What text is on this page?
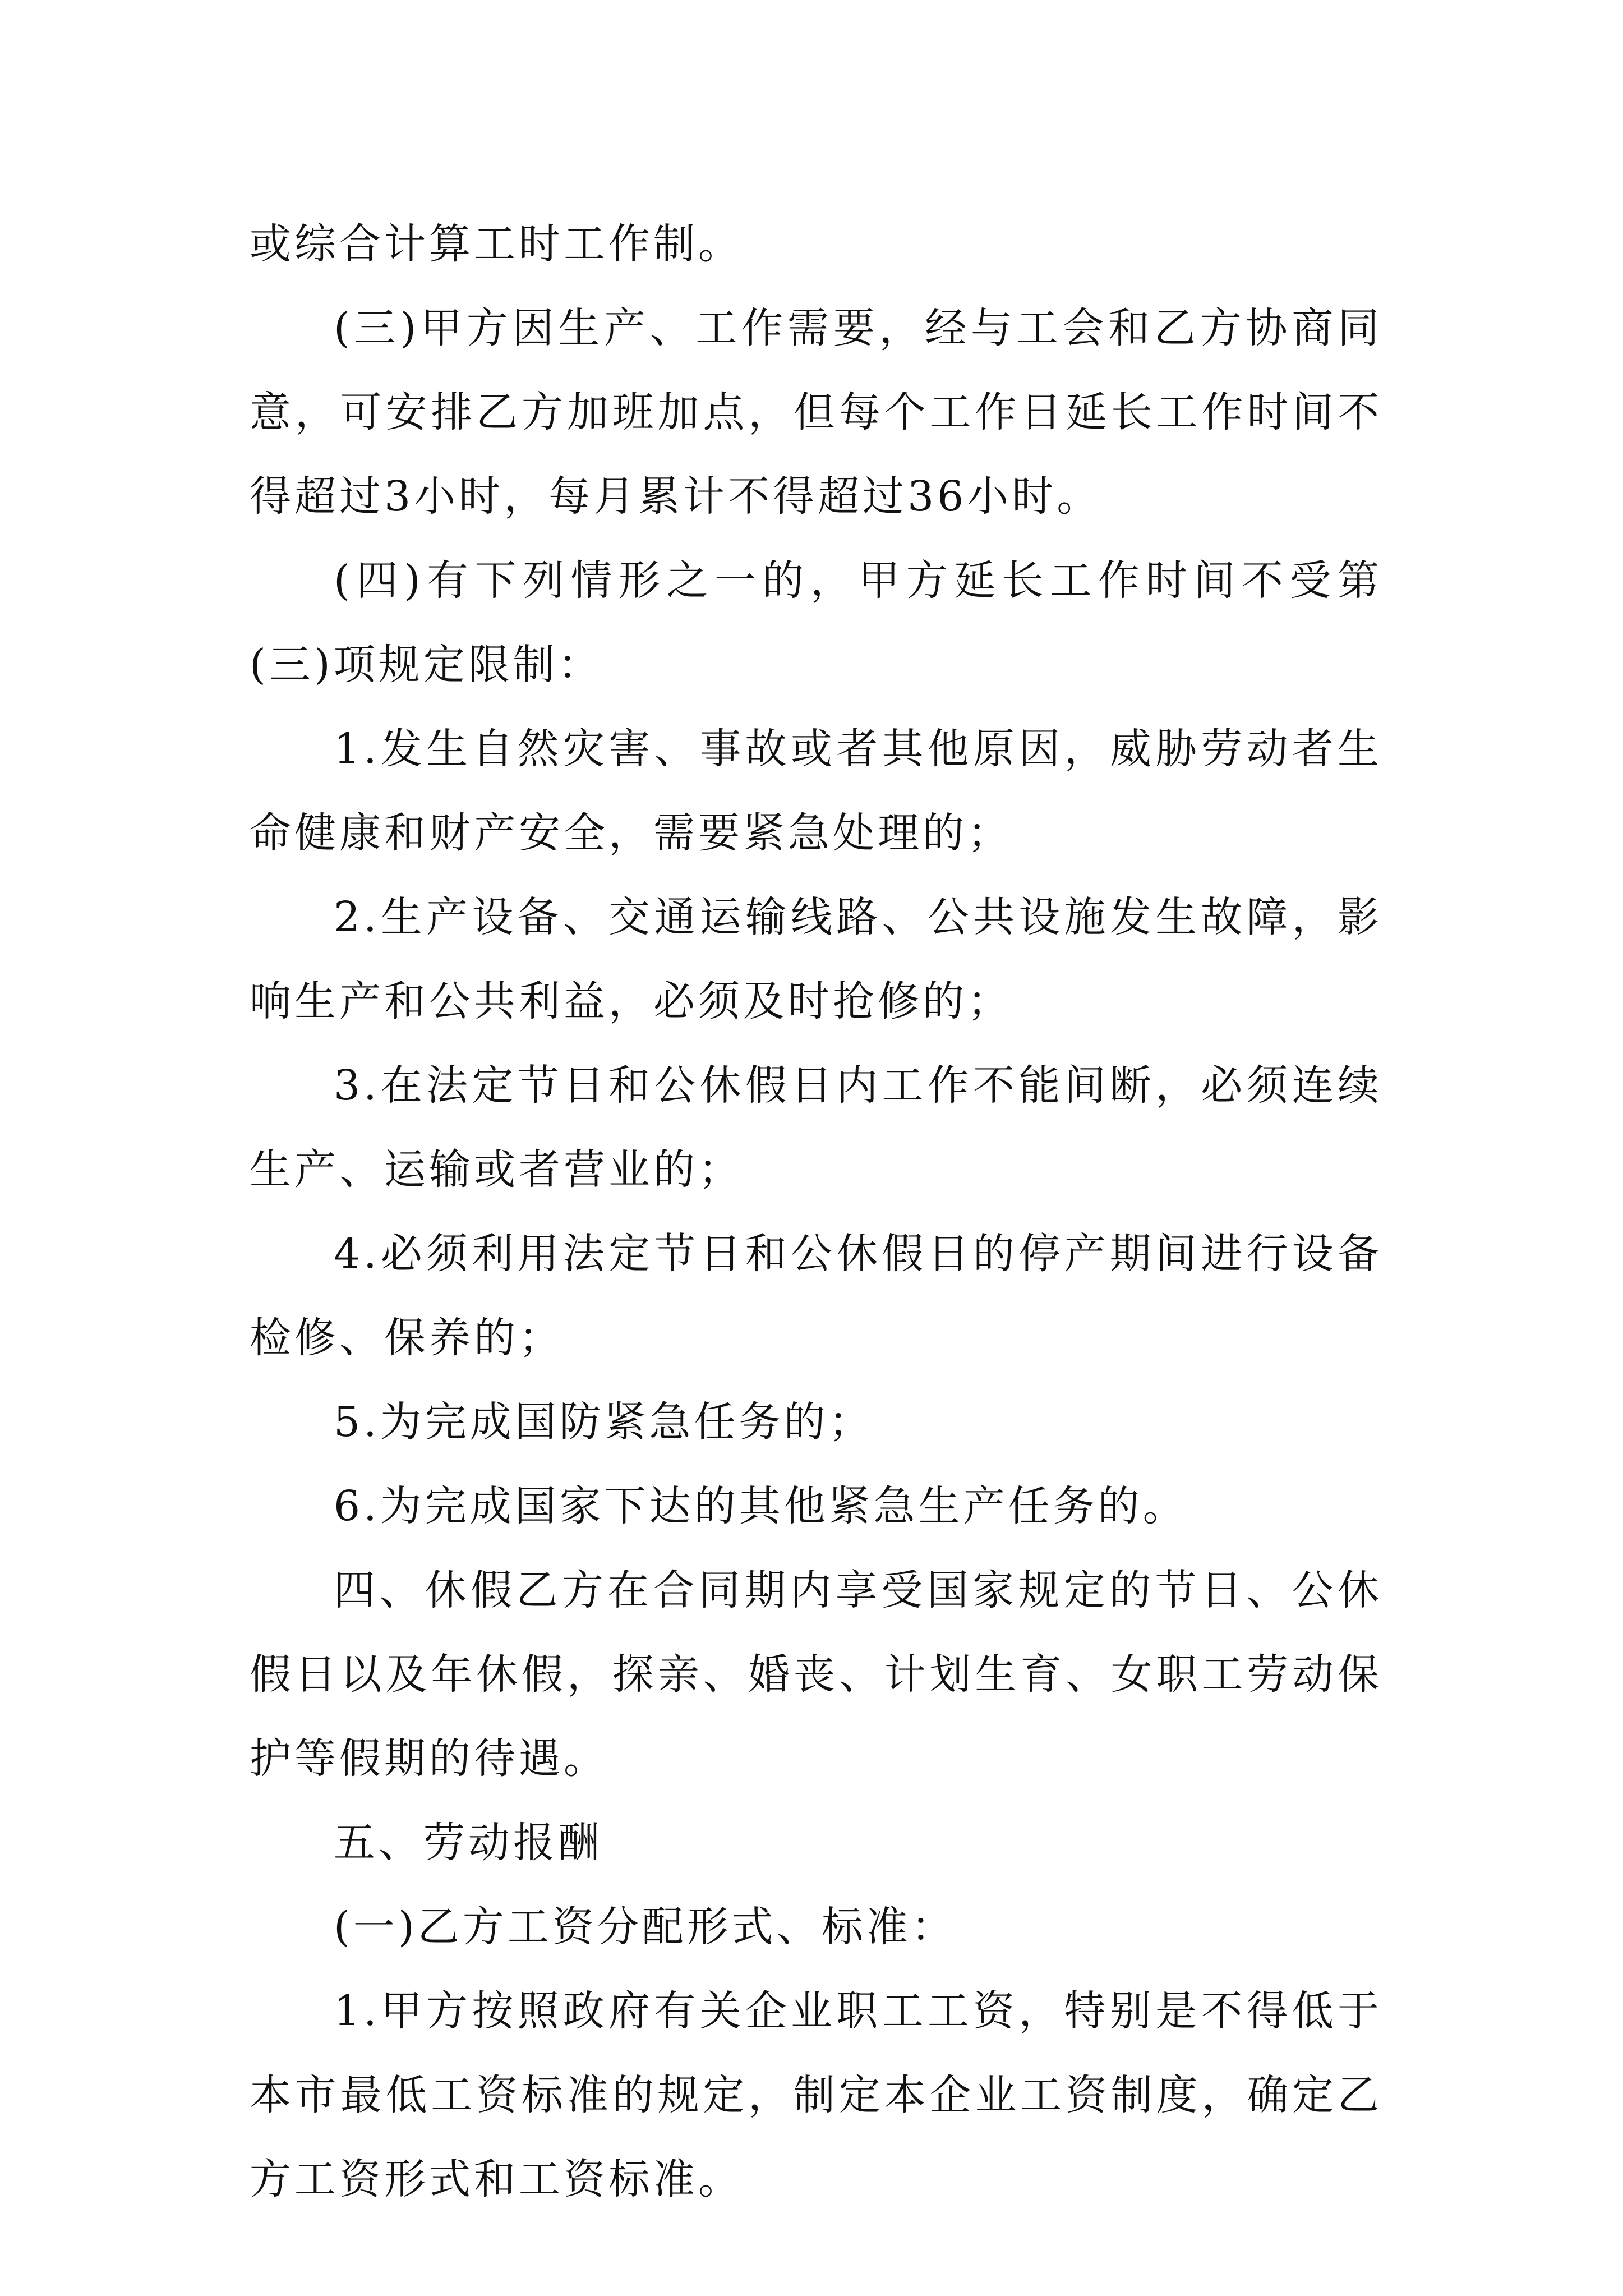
或综合计算工时工作制。

(三)甲方因生产、工作需要，经与工会和乙方协商同意，可安排乙方加班加点，但每个工作日延长工作时间不得超过3小时，每月累计不得超过36小时。

(四)有下列情形之一的，甲方延长工作时间不受第(三)项规定限制：

1.发生自然灾害、事故或者其他原因，威胁劳动者生命健康和财产安全，需要紧急处理的；

2.生产设备、交通运输线路、公共设施发生故障，影响生产和公共利益，必须及时抢修的；

3.在法定节日和公休假日内工作不能间断，必须连续生产、运输或者营业的；

4.必须利用法定节日和公休假日的停产期间进行设备检修、保养的；

5.为完成国防紧急任务的；

6.为完成国家下达的其他紧急生产任务的。

四、休假乙方在合同期内享受国家规定的节日、公休假日以及年休假，探亲、婚丧、计划生育、女职工劳动保护等假期的待遇。

五、劳动报酬

(一)乙方工资分配形式、标准：

1.甲方按照政府有关企业职工工资，特别是不得低于本市最低工资标准的规定，制定本企业工资制度，确定乙方工资形式和工资标准。
